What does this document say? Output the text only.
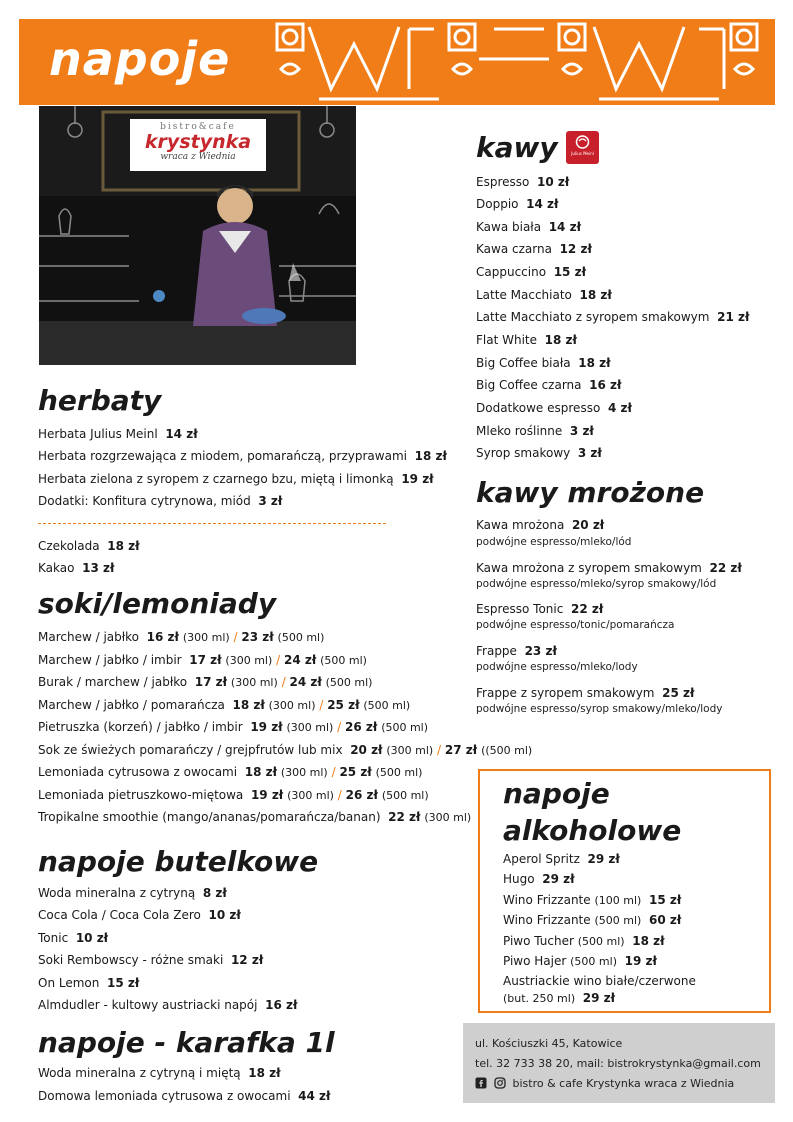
napoje
bistro&cafe
krystynka
wraca z Wiednia
herbaty
Herbata Julius Meinl 14 zł
Herbata rozgrzewająca z miodem, pomarańczą, przyprawami 18 zł
Herbata zielona z syropem z czarnego bzu, miętą i limonką 19 zł
Dodatki: Konfitura cytrynowa, miód 3 zł
Czekolada 18 zł
Kakao 13 zł
soki/lemoniady
Marchew / jabłko 16 zł (300 ml) / 23 zł (500 ml)
Marchew / jabłko / imbir 17 zł (300 ml) / 24 zł (500 ml)
Burak / marchew / jabłko 17 zł (300 ml) / 24 zł (500 ml)
Marchew / jabłko / pomarańcza 18 zł (300 ml) / 25 zł (500 ml)
Pietruszka (korzeń) / jabłko / imbir 19 zł (300 ml) / 26 zł (500 ml)
Sok ze świeżych pomarańczy / grejpfrutów lub mix 20 zł (300 ml) / 27 zł ((500 ml)
Lemoniada cytrusowa z owocami 18 zł (300 ml) / 25 zł (500 ml)
Lemoniada pietruszkowo-miętowa 19 zł (300 ml) / 26 zł (500 ml)
Tropikalne smoothie (mango/ananas/pomarańcza/banan) 22 zł (300 ml)
napoje butelkowe
Woda mineralna z cytryną 8 zł
Coca Cola / Coca Cola Zero 10 zł
Tonic 10 zł
Soki Rembowscy - różne smaki 12 zł
On Lemon 15 zł
Almdudler - kultowy austriacki napój 16 zł
napoje - karafka 1l
Woda mineralna z cytryną i miętą 18 zł
Domowa lemoniada cytrusowa z owocami 44 zł
kawy	Julius Meinl
Espresso 10 zł
Doppio 14 zł
Kawa biała 14 zł
Kawa czarna 12 zł
Cappuccino 15 zł
Latte Macchiato 18 zł
Latte Macchiato z syropem smakowym 21 zł
Flat White 18 zł
Big Coffee biała 18 zł
Big Coffee czarna 16 zł
Dodatkowe espresso 4 zł
Mleko roślinne 3 zł
Syrop smakowy 3 zł
kawy mrożone
Kawa mrożona 20 zł
podwójne espresso/mleko/lód
Kawa mrożona z syropem smakowym 22 zł
podwójne espresso/mleko/syrop smakowy/lód
Espresso Tonic 22 zł
podwójne espresso/tonic/pomarańcza
Frappe 23 zł
podwójne espresso/mleko/lody
Frappe z syropem smakowym 25 zł
podwójne espresso/syrop smakowy/mleko/lody
napoje
alkoholowe
Aperol Spritz 29 zł
Hugo 29 zł
Wino Frizzante (100 ml) 15 zł
Wino Frizzante (500 ml) 60 zł
Piwo Tucher (500 ml) 18 zł
Piwo Hajer (500 ml) 19 zł
Austriackie wino białe/czerwone
(but. 250 ml) 29 zł
ul. Kościuszki 45, Katowice
tel. 32 733 38 20, mail: bistrokrystynka@gmail.com
bistro & cafe Krystynka wraca z Wiednia
